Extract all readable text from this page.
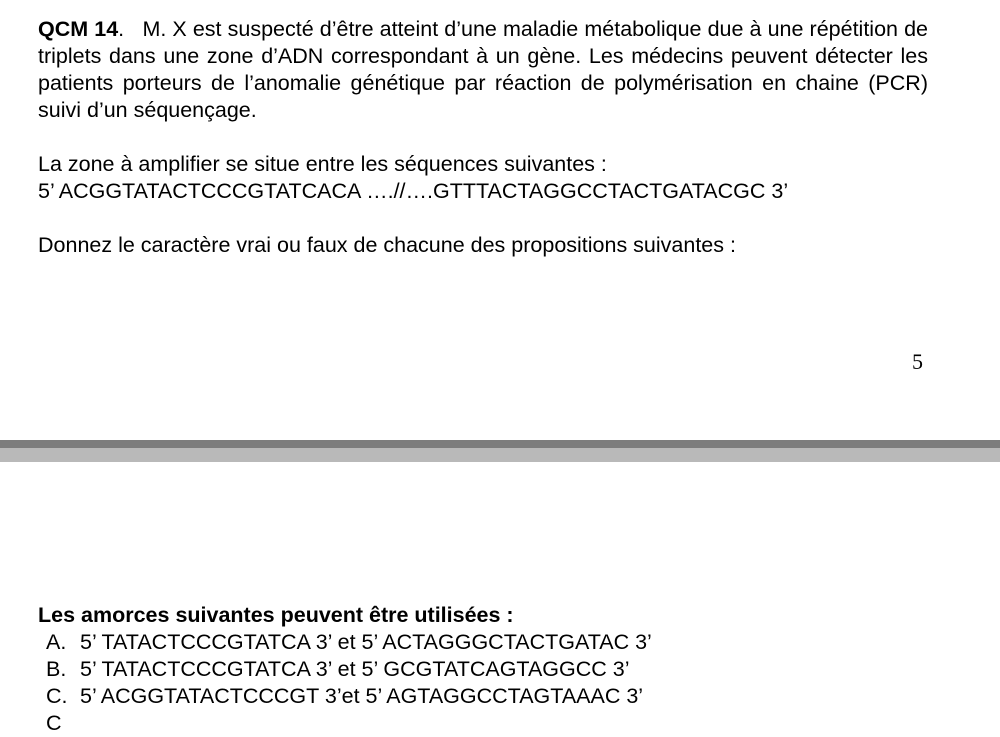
QCM 14. M. X est suspecté d’être atteint d’une maladie métabolique due à une répétition de triplets dans une zone d’ADN correspondant à un gène. Les médecins peuvent détecter les patients porteurs de l’anomalie génétique par réaction de polymérisation en chaine (PCR) suivi d’un séquençage.

La zone à amplifier se situe entre les séquences suivantes :

5’ ACGGTATACTCCCGTATCACA ….//….GTTTACTAGGCCTACTGATACGC 3’

Donnez le caractère vrai ou faux de chacune des propositions suivantes :

5

Les amorces suivantes peuvent être utilisées :

A. 5’ TATACTCCCGTATCA 3’ et 5’ ACTAGGGCTACTGATAC 3’
B. 5’ TATACTCCCGTATCA 3’ et 5’ GCGTATCAGTAGGCC 3’
C. 5’ ACGGTATACTCCCGT 3’et 5’ AGTAGGCCTAGTAAAC 3’
C
